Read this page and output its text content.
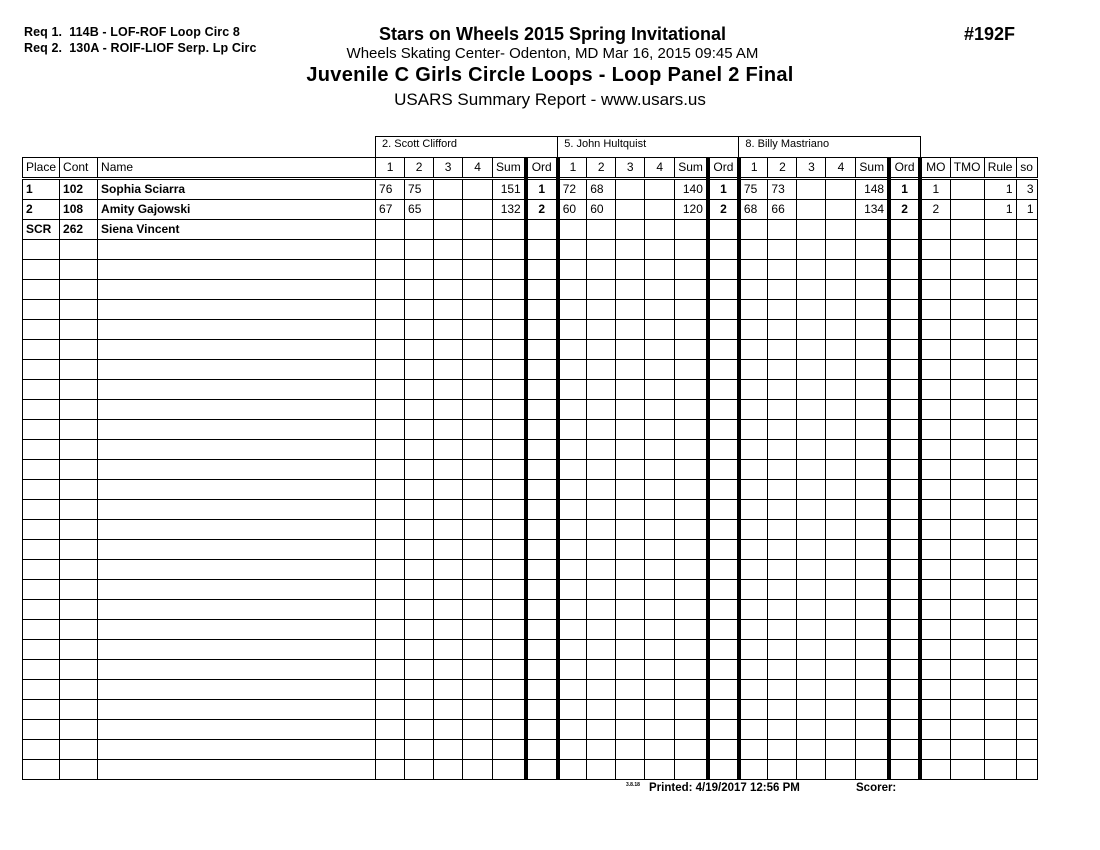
Req 1.  114B - LOF-ROF Loop Circ 8
Req 2.  130A - ROIF-LIOF Serp. Lp Circ
Stars on Wheels 2015 Spring Invitational
Wheels Skating Center- Odenton, MD Mar 16, 2015 09:45 AM
Juvenile C Girls Circle Loops - Loop Panel 2 Final
USARS Summary Report - www.usars.us
#192F
			2. Scott Clifford						5. John Hultquist						8. Billy Mastriano									
Place	Cont	Name	1	2	3	4	Sum	Ord	1	2	3	4	Sum	Ord	1	2	3	4	Sum	Ord	MO	TMO	Rule	so
1	102	Sophia Sciarra	76	75			151	1	72	68			140	1	75	73			148	1	1		1	3
2	108	Amity Gajowski	67	65			132	2	60	60			120	2	68	66			134	2	2		1	1
SCR	262	Siena Vincent																						

3.8.18 Printed: 4/19/2017 12:56 PM	Scorer:
